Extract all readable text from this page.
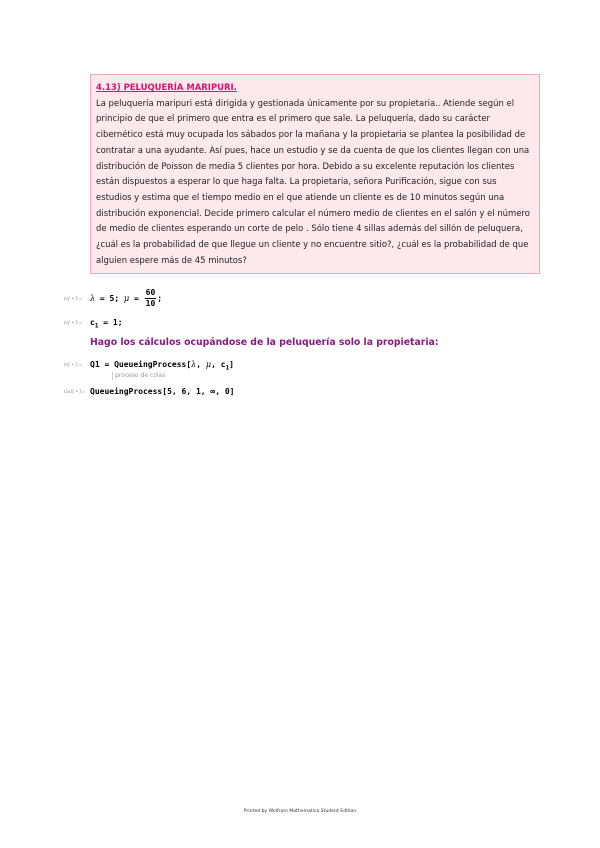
4.13) PELUQUERÍA MARIPURI.
La peluquería maripuri está dirigida y gestionada únicamente por su propietaria.. Atiende según el principio de que el primero que entra es el primero que sale. La peluquería, dado su carácter cibernético está muy ocupada los sábados por la mañana y la propietaria se plantea la posibilidad de contratar a una ayudante. Así pues, hace un estudio y se da cuenta de que los clientes llegan con una distribución de Poisson de media 5 clientes por hora. Debido a su excelente reputación los clientes están dispuestos a esperar lo que haga falta. La propietaria, señora Purificación, sigue con sus estudios y estima que el tiempo medio en el que atiende un cliente es de 10 minutos según una distribución exponencial. Decide primero calcular el número medio de clientes en el salón y el número de medio de clientes esperando un corte de pelo . Sólo tiene 4 sillas además del sillón de peluquera, ¿cuál es la probabilidad de que llegue un cliente y no encuentre sitio?, ¿cuál es la probabilidad de que alguien espere más de 45 minutos?
In[ • ]:= λ = 5; $\mu = \frac{60}{10}$ ;
In[ • ]:= $c_1 = 1$;
Hago los cálculos ocupándose de la peluquería solo la propietaria:
In[ • ]:= Q1 = QueueingProcess[λ, μ, $c_1$]
proceso de colas
Out[ • ]= QueueingProcess[5, 6, 1, ∞, 0]
Printed by Wolfram Mathematica Student Edition
